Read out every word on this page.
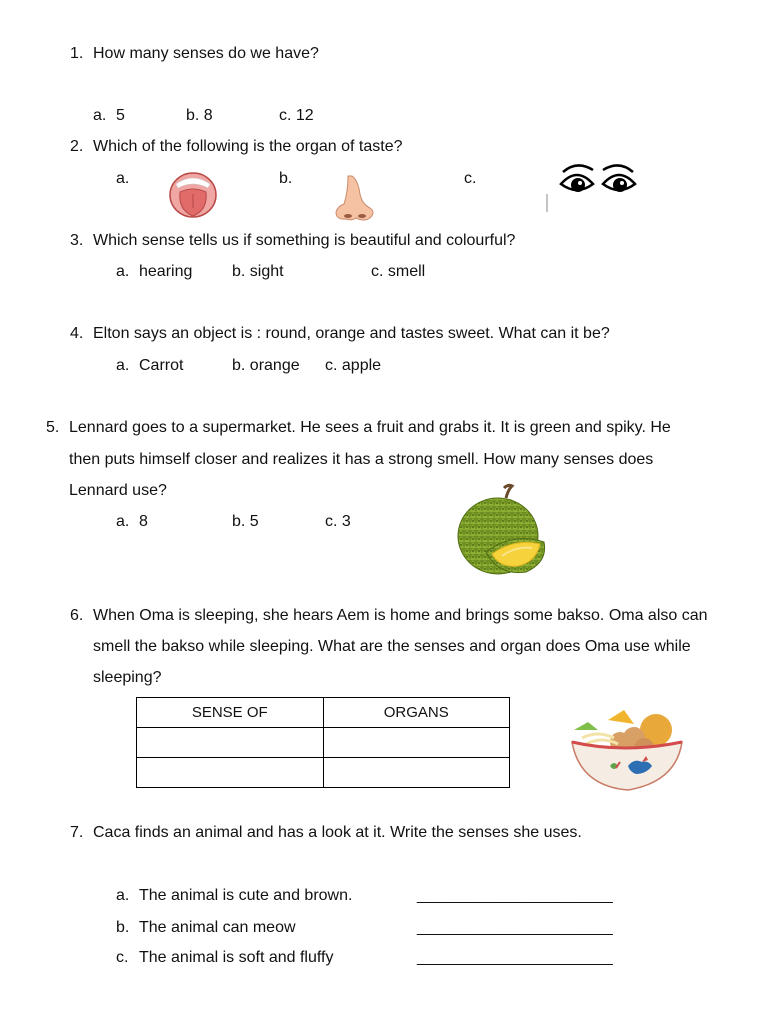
1. How many senses do we have?
a. 5	b. 8	c. 12
2. Which of the following is the organ of taste?
a.	b.	c.
3. Which sense tells us if something is beautiful and colourful?
a. hearing b. sight	c. smell
4. Elton says an object is : round, orange and tastes sweet. What can it be?
a. Carrot	b. orange c. apple
5. Lennard goes to a supermarket. He sees a fruit and grabs it. It is green and spiky. He
then puts himself closer and realizes it has a strong smell. How many senses does
Lennard use?
a. 8	b. 5	c. 3
6. When Oma is sleeping, she hears Aem is home and brings some bakso. Oma also can
smell the bakso while sleeping. What are the senses and organ does Oma use while
sleeping?
SENSE OF	ORGANS

7. Caca finds an animal and has a look at it. Write the senses she uses.
a. The animal is cute and brown.	______________________
b. The animal can meow	______________________
c. The animal is soft and fluffy	______________________
